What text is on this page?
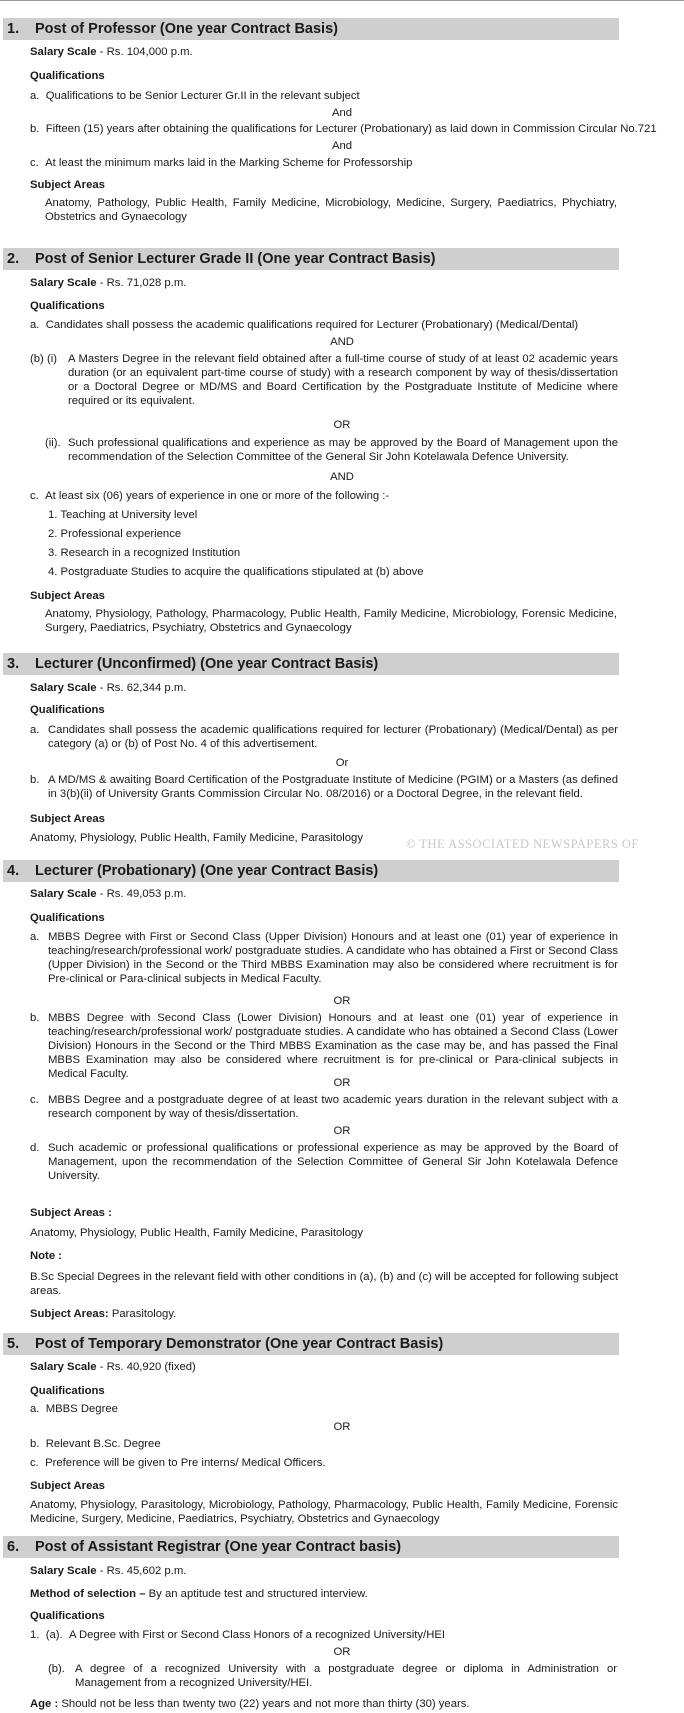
1. Post of Professor (One year Contract Basis)
Salary Scale - Rs. 104,000 p.m.
Qualifications
a. Qualifications to be Senior Lecturer Gr.II in the relevant subject
And
b. Fifteen (15) years after obtaining the qualifications for Lecturer (Probationary) as laid down in Commission Circular No.721
And
c. At least the minimum marks laid in the Marking Scheme for Professorship
Subject Areas
Anatomy, Pathology, Public Health, Family Medicine, Microbiology, Medicine, Surgery, Paediatrics, Phychiatry, Obstetrics and Gynaecology
2. Post of Senior Lecturer Grade II (One year Contract Basis)
Salary Scale - Rs. 71,028 p.m.
Qualifications
a. Candidates shall possess the academic qualifications required for Lecturer (Probationary) (Medical/Dental)
AND
(b) (i) A Masters Degree in the relevant field obtained after a full-time course of study of at least 02 academic years duration (or an equivalent part-time course of study) with a research component by way of thesis/dissertation or a Doctoral Degree or MD/MS and Board Certification by the Postgraduate Institute of Medicine where required or its equivalent.
OR
(ii). Such professional qualifications and experience as may be approved by the Board of Management upon the recommendation of the Selection Committee of the General Sir John Kotelawala Defence University.
AND
c. At least six (06) years of experience in one or more of the following :-
1. Teaching at University level
2. Professional experience
3. Research in a recognized Institution
4. Postgraduate Studies to acquire the qualifications stipulated at (b) above
Subject Areas
Anatomy, Physiology, Pathology, Pharmacology, Public Health, Family Medicine, Microbiology, Forensic Medicine, Surgery, Paediatrics, Psychiatry, Obstetrics and Gynaecology
3. Lecturer (Unconfirmed) (One year Contract Basis)
Salary Scale - Rs. 62,344 p.m.
Qualifications
a. Candidates shall possess the academic qualifications required for lecturer (Probationary) (Medical/Dental) as per category (a) or (b) of Post No. 4 of this advertisement.
Or
b. A MD/MS & awaiting Board Certification of the Postgraduate Institute of Medicine (PGIM) or a Masters (as defined in 3(b)(ii) of University Grants Commission Circular No. 08/2016) or a Doctoral Degree, in the relevant field.
Subject Areas
Anatomy, Physiology, Public Health, Family Medicine, Parasitology	© THE ASSOCIATED NEWSPAPERS OF
4. Lecturer (Probationary) (One year Contract Basis)
Salary Scale - Rs. 49,053 p.m.
Qualifications
a. MBBS Degree with First or Second Class (Upper Division) Honours and at least one (01) year of experience in teaching/research/professional work/ postgraduate studies. A candidate who has obtained a First or Second Class (Upper Division) in the Second or the Third MBBS Examination may also be considered where recruitment is for Pre-clinical or Para-clinical subjects in Medical Faculty.
OR
b. MBBS Degree with Second Class (Lower Division) Honours and at least one (01) year of experience in teaching/research/professional work/ postgraduate studies. A candidate who has obtained a Second Class (Lower Division) Honours in the Second or the Third MBBS Examination as the case may be, and has passed the Final MBBS Examination may also be considered where recruitment is for pre-clinical or Para-clinical subjects in Medical Faculty.
OR
c. MBBS Degree and a postgraduate degree of at least two academic years duration in the relevant subject with a research component by way of thesis/dissertation.
OR
d. Such academic or professional qualifications or professional experience as may be approved by the Board of Management, upon the recommendation of the Selection Committee of General Sir John Kotelawala Defence University.
Subject Areas :
Anatomy, Physiology, Public Health, Family Medicine, Parasitology
Note :
B.Sc Special Degrees in the relevant field with other conditions in (a), (b) and (c) will be accepted for following subject areas.
Subject Areas: Parasitology.
5. Post of Temporary Demonstrator (One year Contract Basis)
Salary Scale - Rs. 40,920 (fixed)
Qualifications
a. MBBS Degree
OR
b. Relevant B.Sc. Degree
c. Preference will be given to Pre interns/ Medical Officers.
Subject Areas
Anatomy, Physiology, Parasitology, Microbiology, Pathology, Pharmacology, Public Health, Family Medicine, Forensic Medicine, Surgery, Medicine, Paediatrics, Psychiatry, Obstetrics and Gynaecology
6. Post of Assistant Registrar (One year Contract basis)
Salary Scale - Rs. 45,602 p.m.
Method of selection – By an aptitude test and structured interview.
Qualifications
1.  (a). A Degree with First or Second Class Honors of a recognized University/HEI
OR
(b). A degree of a recognized University with a postgraduate degree or diploma in Administration or Management from a recognized University/HEI.
Age : Should not be less than twenty two (22) years and not more than thirty (30) years.
